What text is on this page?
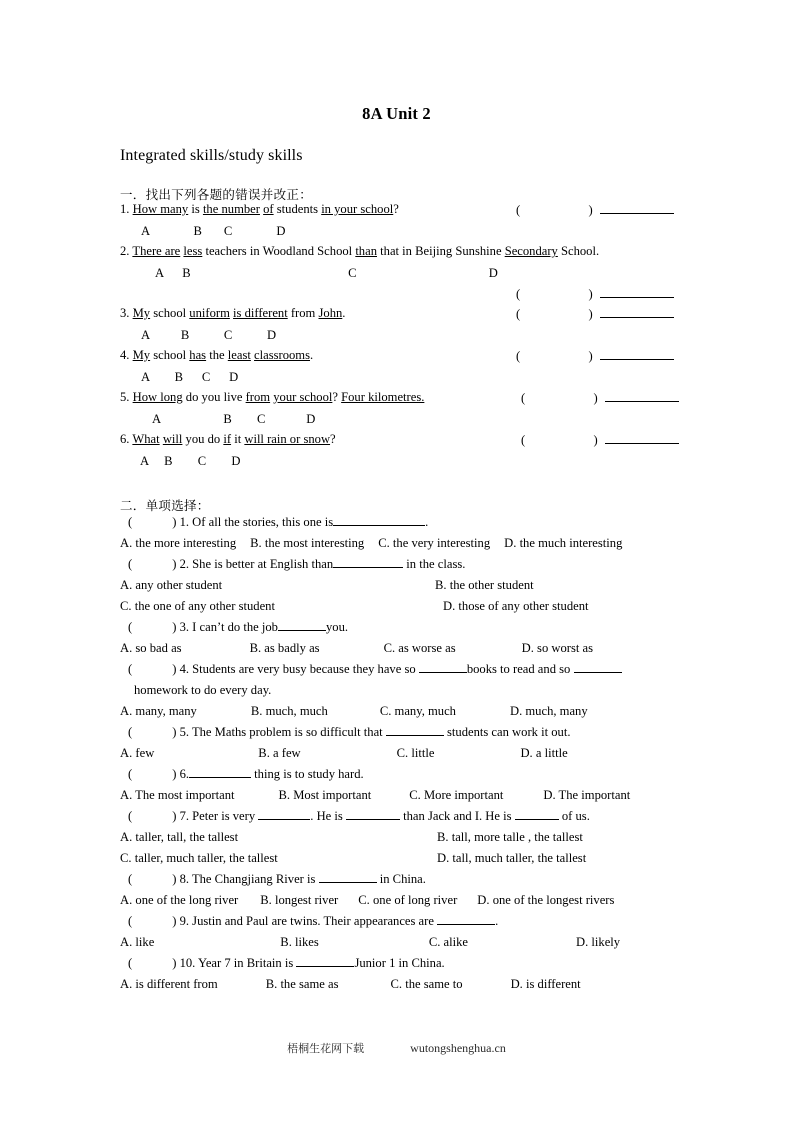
8A Unit 2
Integrated skills/study skills
一．找出下列各题的错误并改正：
1. How many is the number of students in your school?
A              B       C              D
(	)
2. There are less teachers in Woodland School than that in Beijing Sunshine Secondary School.
A      B                                                  C                                          D
(	)
3. My school uniform is different from John.
A          B           C           D
(	)
4. My school has the least classrooms.
A        B      C      D
(	)
5. How long do you live from your school? Four kilometres.
A                    B        C             D
(	)
6. What will you do if it will rain or snow?
A     B        C        D
(	)
二．单项选择：
(	) 1. Of all the stories, this one is	.
A. the more interesting B. the most interesting C. the very interesting D. the much interesting
(	) 2. She is better at English than	in the class.
A. any other student	B. the other student
C. the one of any other student	D. those of any other student
(	) 3. I can’t do the job	you.
A. so bad as	B. as badly as	C. as worse as	D. so worst as
(	) 4. Students are very busy because they have so	books to read and so
homework to do every day.
A. many, many	B. much, much	C. many, much	D. much, many
(	) 5. The Maths problem is so difficult that	students can work it out.
A. few	B. a few	C. little	D. a little
(	) 6.	thing is to study hard.
A. The most important	B. Most important	C. More important	D. The important
(	) 7. Peter is very	. He is	than Jack and I. He is	of us.
A. taller, tall, the tallest	B. tall, more talle , the tallest
C. taller, much taller, the tallest	D. tall, much taller, the tallest
(	) 8. The Changjiang River is	in China.
A. one of the long river B. longest river C. one of long river D. one of the longest rivers
(	) 9. Justin and Paul are twins. Their appearances are	.
A. like	B. likes	C. alike	D. likely
(	) 10. Year 7 in Britain is	Junior 1 in China.
A. is different from	B. the same as	C. the same to	D. is different
梧桐生花网下载	wutongshenghua.cn
